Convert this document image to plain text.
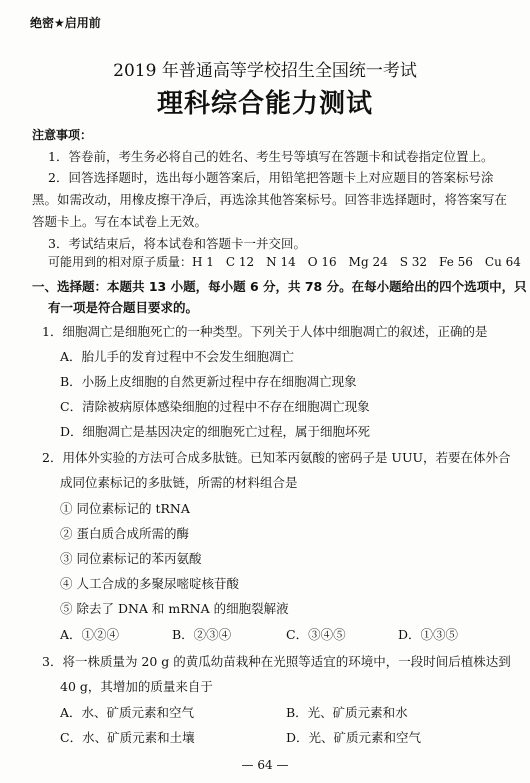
绝密★启用前
2019 年普通高等学校招生全国统一考试
理科综合能力测试
注意事项：
1．答卷前，考生务必将自己的姓名、考生号等填写在答题卡和试卷指定位置上。
2．回答选择题时，选出每小题答案后，用铅笔把答题卡上对应题目的答案标号涂
黑。如需改动，用橡皮擦干净后，再选涂其他答案标号。回答非选择题时，将答案写在
答题卡上。写在本试卷上无效。
3．考试结束后，将本试卷和答题卡一并交回。
可能用到的相对原子质量：H 1　C 12　N 14　O 16　Mg 24　S 32　Fe 56　Cu 64
一、选择题：本题共 13 小题，每小题 6 分，共 78 分。在每小题给出的四个选项中，只
有一项是符合题目要求的。
1．细胞凋亡是细胞死亡的一种类型。下列关于人体中细胞凋亡的叙述，正确的是
A．胎儿手的发育过程中不会发生细胞凋亡
B．小肠上皮细胞的自然更新过程中存在细胞凋亡现象
C．清除被病原体感染细胞的过程中不存在细胞凋亡现象
D．细胞凋亡是基因决定的细胞死亡过程，属于细胞坏死
2．用体外实验的方法可合成多肽链。已知苯丙氨酸的密码子是 UUU，若要在体外合
成同位素标记的多肽链，所需的材料组合是
① 同位素标记的 tRNA
② 蛋白质合成所需的酶
③ 同位素标记的苯丙氨酸
④ 人工合成的多聚尿嘧啶核苷酸
⑤ 除去了 DNA 和 mRNA 的细胞裂解液
A．①②④	B．②③④	C．③④⑤	D．①③⑤
3．将一株质量为 20 g 的黄瓜幼苗栽种在光照等适宜的环境中，一段时间后植株达到
40 g，其增加的质量来自于
A．水、矿质元素和空气	B．光、矿质元素和水
C．水、矿质元素和土壤	D．光、矿质元素和空气
— 64 —
